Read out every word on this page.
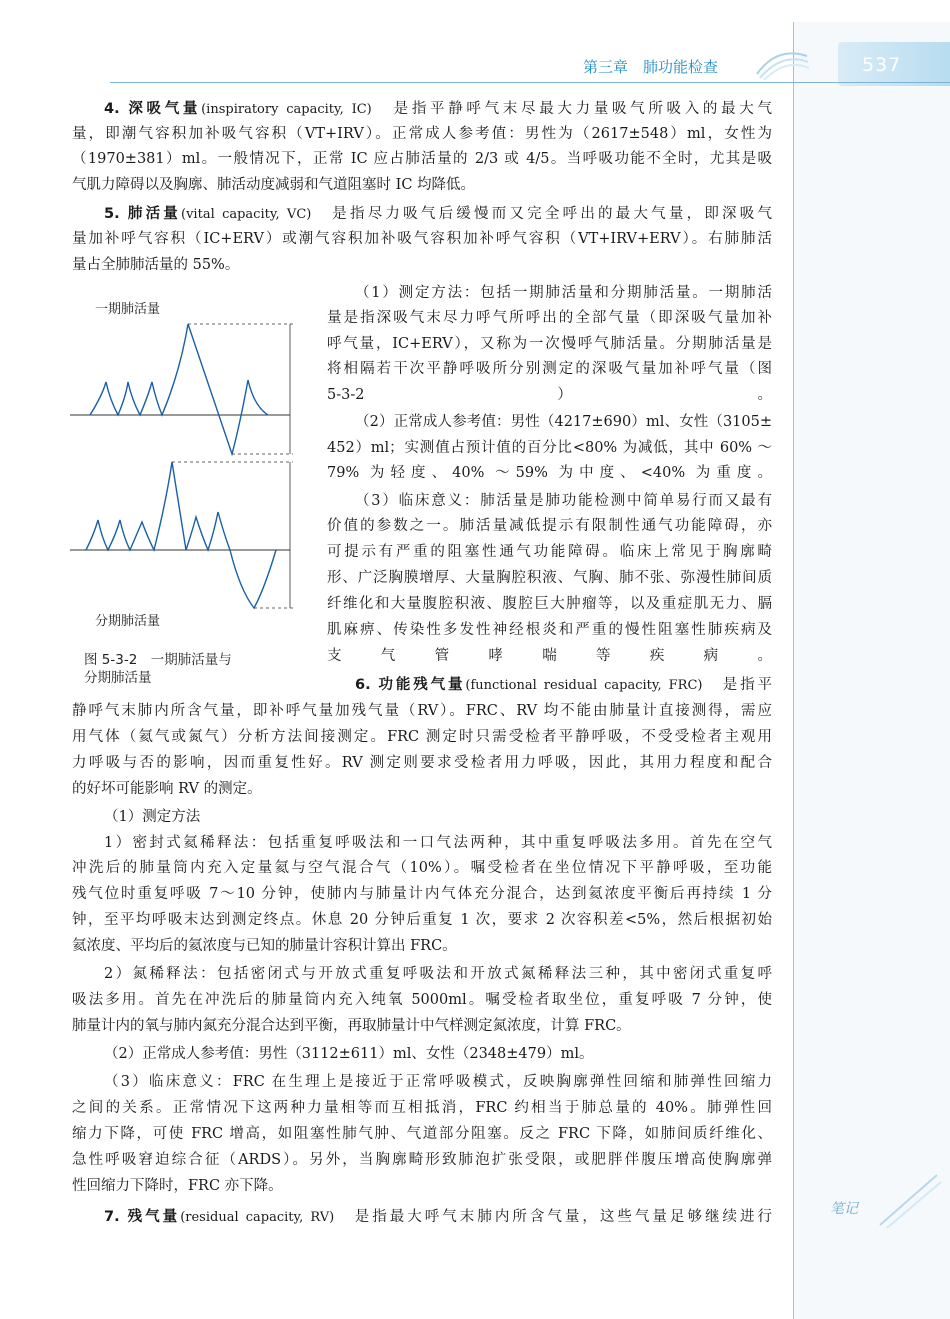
537
第三章　肺功能检查
4. 深吸气量(inspiratory capacity, IC)　 是指平静呼气末尽最大力量吸气所吸入的最大气
量，即潮气容积加补吸气容积（VT+IRV）。正常成人参考值：男性为（2617±548）ml，女性为
（1970±381）ml。一般情况下，正常 IC 应占肺活量的 2/3 或 4/5。当呼吸功能不全时，尤其是吸
气肌力障碍以及胸廓、肺活动度减弱和气道阻塞时 IC 均降低。
5. 肺活量(vital capacity, VC)　 是指尽力吸气后缓慢而又完全呼出的最大气量，即深吸气
量加补呼气容积（IC+ERV）或潮气容积加补吸气容积加补呼气容积（VT+IRV+ERV）。右肺肺活
量占全肺肺活量的 55%。
（1）测定方法：包括一期肺活量和分期肺活量。一期肺活
量是指深吸气末尽力呼气所呼出的全部气量（即深吸气量加补
呼气量，IC+ERV），又称为一次慢呼气肺活量。分期肺活量是
将相隔若干次平静呼吸所分别测定的深吸气量加补呼气量（图
5-3-2）。
（2）正常成人参考值：男性（4217±690）ml、女性（3105±
452）ml；实测值占预计值的百分比<80% 为减低，其中 60% ～
79% 为轻度、40% ～59% 为中度、<40% 为重度。
（3）临床意义：肺活量是肺功能检测中简单易行而又最有
价值的参数之一。肺活量减低提示有限制性通气功能障碍，亦
可提示有严重的阻塞性通气功能障碍。临床上常见于胸廓畸
形、广泛胸膜增厚、大量胸腔积液、气胸、肺不张、弥漫性肺间质
纤维化和大量腹腔积液、腹腔巨大肿瘤等，以及重症肌无力、膈
肌麻痹、传染性多发性神经根炎和严重的慢性阻塞性肺疾病及
支气管哮喘等疾病。
一期肺活量
分期肺活量
图 5-3-2　一期肺活量与
分期肺活量	6. 功能残气量(functional residual capacity, FRC)　 是指平
静呼气末肺内所含气量，即补呼气量加残气量（RV）。FRC、RV 均不能由肺量计直接测得，需应
用气体（氦气或氮气）分析方法间接测定。FRC 测定时只需受检者平静呼吸，不受受检者主观用
力呼吸与否的影响，因而重复性好。RV 测定则要求受检者用力呼吸，因此，其用力程度和配合
的好坏可能影响 RV 的测定。
（1）测定方法
1）密封式氦稀释法：包括重复呼吸法和一口气法两种，其中重复呼吸法多用。首先在空气
冲洗后的肺量筒内充入定量氦与空气混合气（10%）。嘱受检者在坐位情况下平静呼吸，至功能
残气位时重复呼吸 7～10 分钟，使肺内与肺量计内气体充分混合，达到氦浓度平衡后再持续 1 分
钟，至平均呼吸末达到测定终点。休息 20 分钟后重复 1 次，要求 2 次容积差<5%，然后根据初始
氦浓度、平均后的氦浓度与已知的肺量计容积计算出 FRC。
2）氮稀释法：包括密闭式与开放式重复呼吸法和开放式氮稀释法三种，其中密闭式重复呼
吸法多用。首先在冲洗后的肺量筒内充入纯氧 5000ml。嘱受检者取坐位，重复呼吸 7 分钟，使
肺量计内的氧与肺内氮充分混合达到平衡，再取肺量计中气样测定氮浓度，计算 FRC。
（2）正常成人参考值：男性（3112±611）ml、女性（2348±479）ml。
（3）临床意义：FRC 在生理上是接近于正常呼吸模式，反映胸廓弹性回缩和肺弹性回缩力
之间的关系。正常情况下这两种力量相等而互相抵消，FRC 约相当于肺总量的 40%。肺弹性回
缩力下降，可使 FRC 增高，如阻塞性肺气肿、气道部分阻塞。反之 FRC 下降，如肺间质纤维化、
急性呼吸窘迫综合征（ARDS）。另外，当胸廓畸形致肺泡扩张受限，或肥胖伴腹压增高使胸廓弹
性回缩力下降时，FRC 亦下降。
7. 残气量(residual capacity, RV)　 是指最大呼气末肺内所含气量，这些气量足够继续进行	笔记
